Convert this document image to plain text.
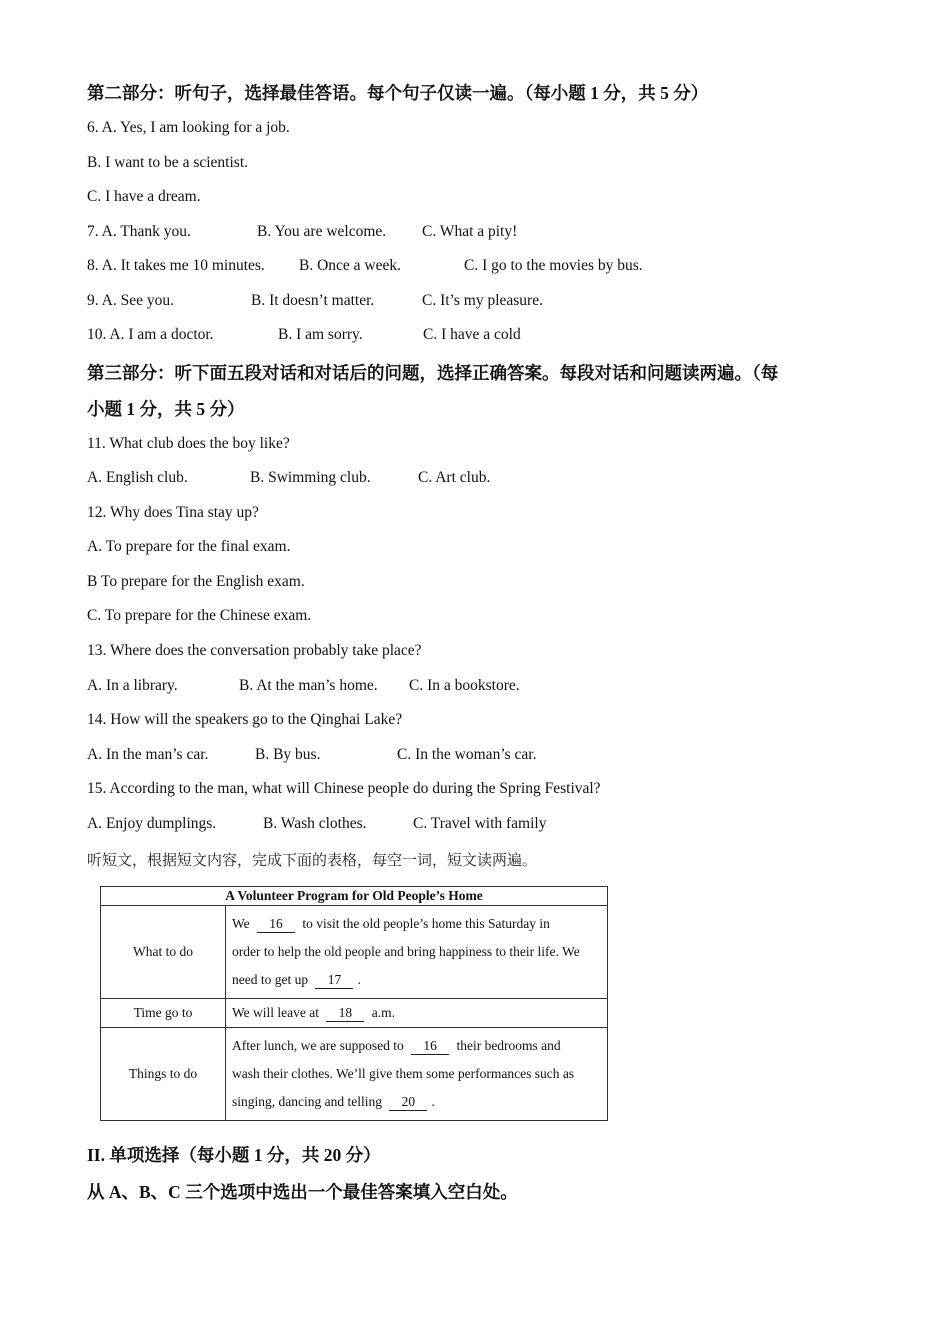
第二部分：听句子，选择最佳答语。每个句子仅读一遍。（每小题 1 分，共 5 分）
6. A. Yes, I am looking for a job.
B. I want to be a scientist.
C. I have a dream.
7. A. Thank you.	B. You are welcome. C. What a pity!
8. A. It takes me 10 minutes. B. Once a week.	C. I go to the movies by bus.
9. A. See you.	B. It doesn’t matter.	C. It’s my pleasure.
10. A. I am a doctor.	B. I am sorry.	C. I have a cold
第三部分：听下面五段对话和对话后的问题，选择正确答案。每段对话和问题读两遍。（每
小题 1 分，共 5 分）
11. What club does the boy like?
A. English club.	B. Swimming club.	C. Art club.
12. Why does Tina stay up?
A. To prepare for the final exam.
B To prepare for the English exam.
C. To prepare for the Chinese exam.
13. Where does the conversation probably take place?
A. In a library.	B. At the man’s home. C. In a bookstore.
14. How will the speakers go to the Qinghai Lake?
A. In the man’s car.	B. By bus.	C. In the woman’s car.
15. According to the man, what will Chinese people do during the Spring Festival?
A. Enjoy dumplings.	B. Wash clothes.	C. Travel with family
听短文，根据短文内容，完成下面的表格，每空一词，短文读两遍。
A Volunteer Program for Old People’s Home	
What to do	We 16 to visit the old people’s home this Saturday in
order to help the old people and bring happiness to their life. We
need to get up 17 .
Time go to	We will leave at 18 a.m.
Things to do	After lunch, we are supposed to 16 their bedrooms and
wash their clothes. We’ll give them some performances such as
singing, dancing and telling 20 .
II. 单项选择（每小题 1 分，共 20 分）
从 A、B、C 三个选项中选出一个最佳答案填入空白处。
